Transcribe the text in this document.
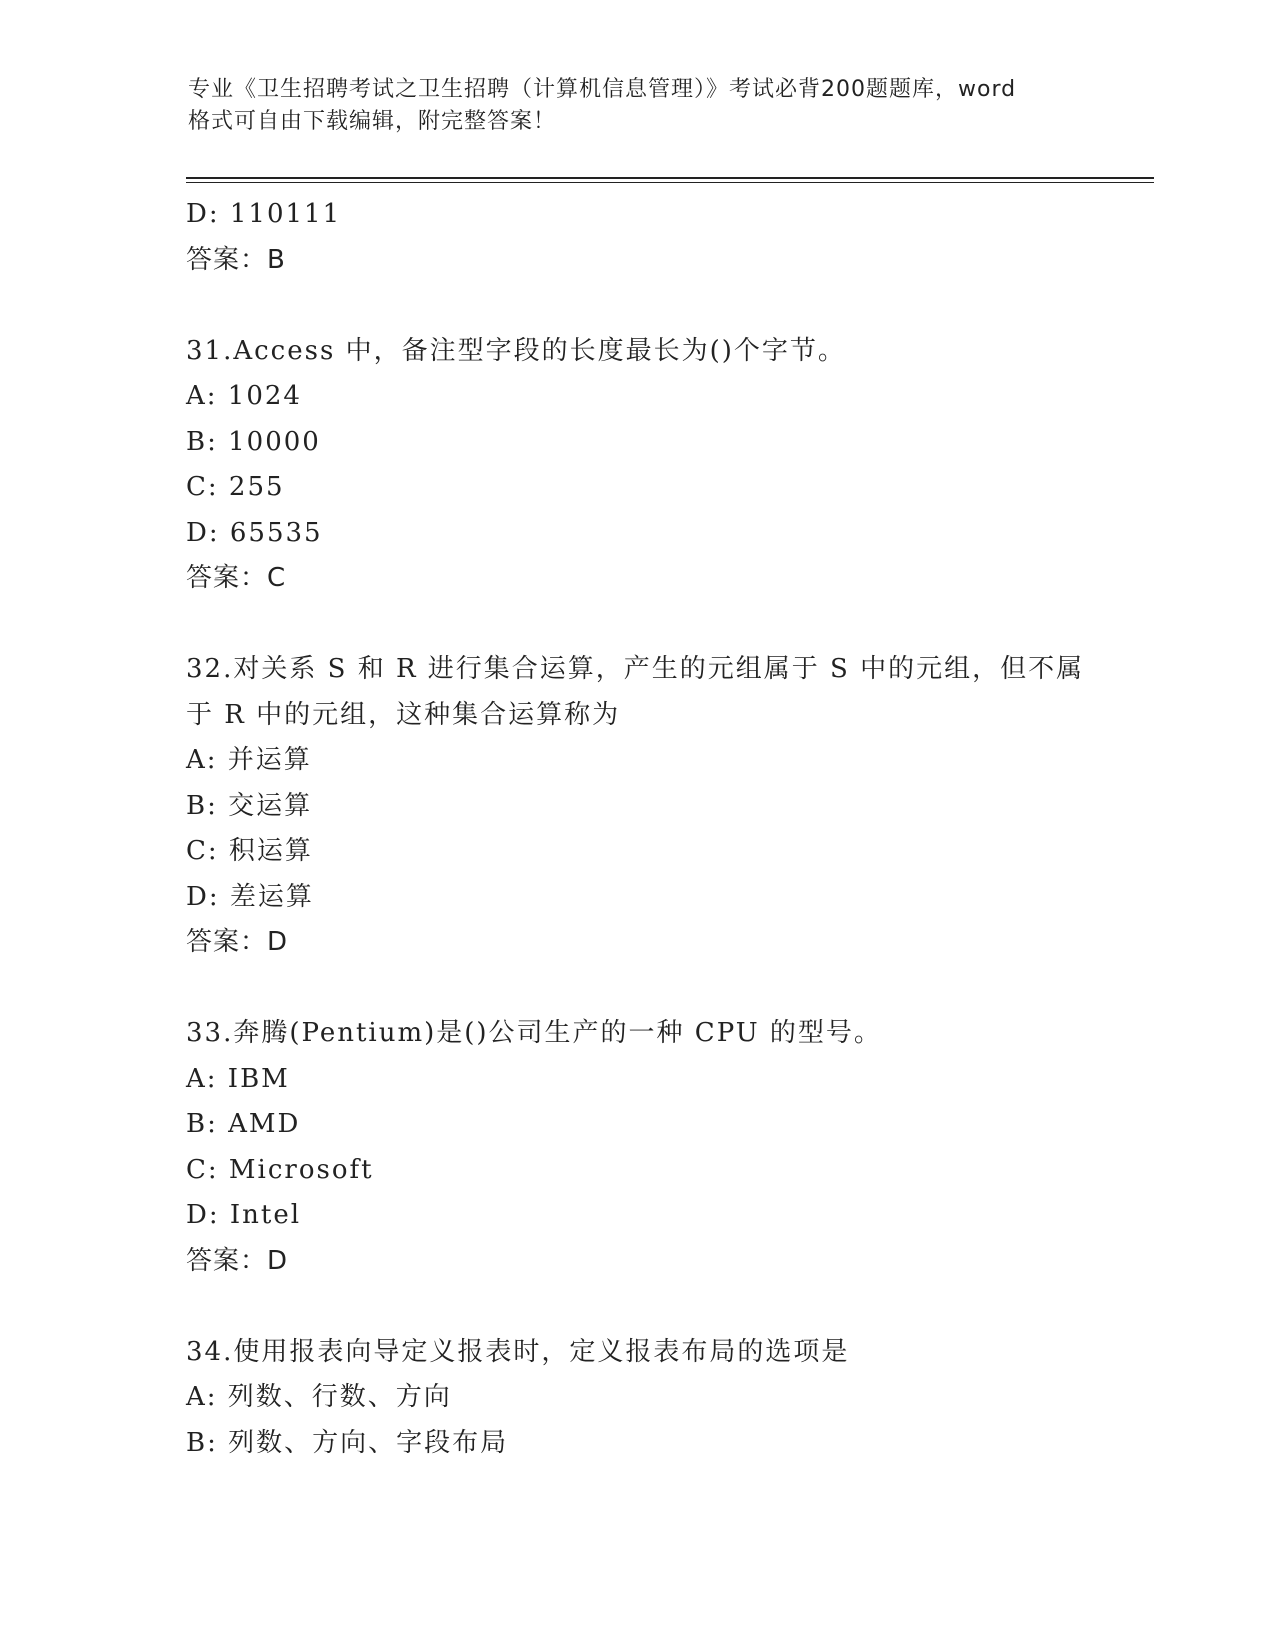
专业《卫生招聘考试之卫生招聘（计算机信息管理）》考试必背200题题库，word
格式可自由下载编辑，附完整答案！
D: 110111
答案：B
31.Access 中，备注型字段的长度最长为()个字节。
A: 1024
B: 10000
C: 255
D: 65535
答案：C
32.对关系 S 和 R 进行集合运算，产生的元组属于 S 中的元组，但不属
于 R 中的元组，这种集合运算称为
A: 并运算
B: 交运算
C: 积运算
D: 差运算
答案：D
33.奔腾(Pentium)是()公司生产的一种 CPU 的型号。
A: IBM
B: AMD
C: Microsoft
D: Intel
答案：D
34.使用报表向导定义报表时，定义报表布局的选项是
A: 列数、行数、方向
B: 列数、方向、字段布局
